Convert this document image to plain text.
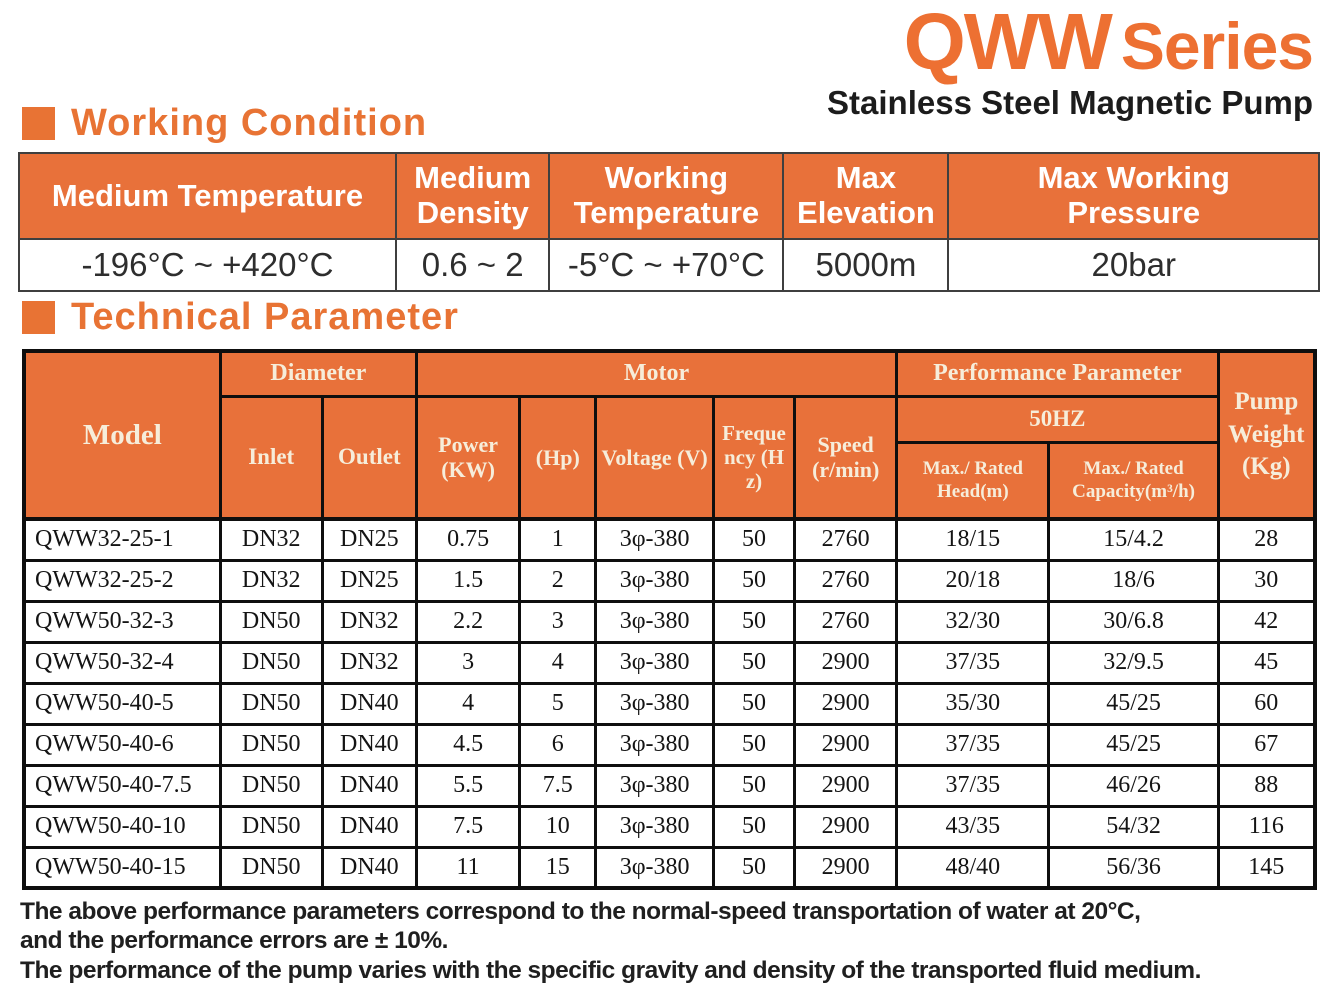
QWW Series
Stainless Steel Magnetic Pump
Working Condition
Medium Temperature	Medium Density	Working Temperature	Max Elevation	Max Working Pressure

-196°C ~ +420°C	0.6 ~ 2	-5°C ~ +70°C	5000m	20bar
Technical Parameter
Model	Diameter		Motor					Performance Parameter		Pump Weight (Kg)
	Inlet	Outlet	Power (KW)	(Hp)	Voltage (V)	Frequency (Hz)	Speed (r/min)	50HZ		
								Max./ Rated Head(m)	Max./ Rated Capacity(m³/h)	
QWW32-25-1	DN32	DN25	0.75	1	3φ-380	50	2760	18/15	15/4.2	28
QWW32-25-2	DN32	DN25	1.5	2	3φ-380	50	2760	20/18	18/6	30
QWW50-32-3	DN50	DN32	2.2	3	3φ-380	50	2760	32/30	30/6.8	42
QWW50-32-4	DN50	DN32	3	4	3φ-380	50	2900	37/35	32/9.5	45
QWW50-40-5	DN50	DN40	4	5	3φ-380	50	2900	35/30	45/25	60
QWW50-40-6	DN50	DN40	4.5	6	3φ-380	50	2900	37/35	45/25	67
QWW50-40-7.5	DN50	DN40	5.5	7.5	3φ-380	50	2900	37/35	46/26	88
QWW50-40-10	DN50	DN40	7.5	10	3φ-380	50	2900	43/35	54/32	116
QWW50-40-15	DN50	DN40	11	15	3φ-380	50	2900	48/40	56/36	145
The above performance parameters correspond to the normal-speed transportation of water at 20°C,
and the performance errors are ± 10%.
The performance of the pump varies with the specific gravity and density of the transported fluid medium.
